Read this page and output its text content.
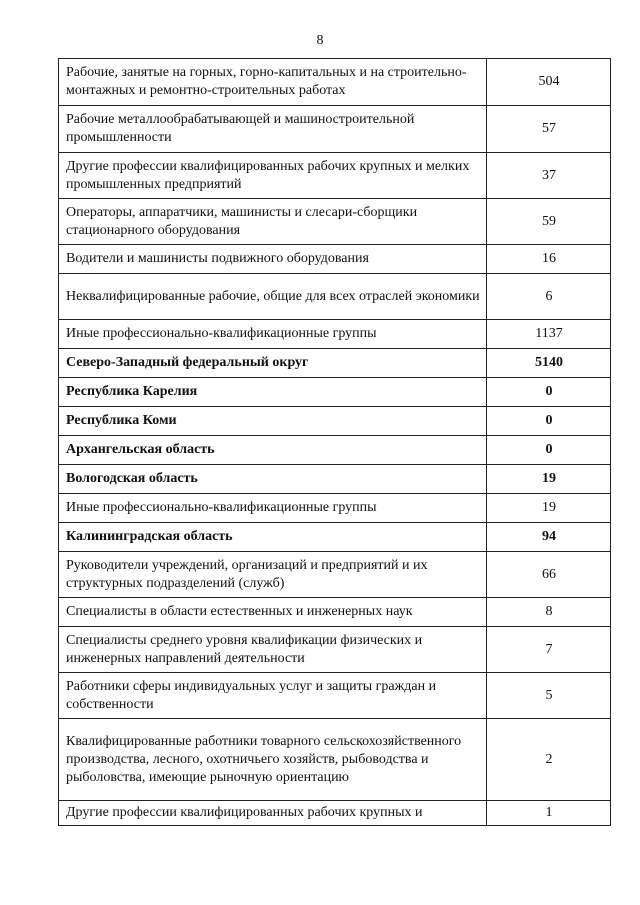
8
Рабочие, занятые на горных, горно-капитальных и на строительно-монтажных и ремонтно-строительных работах	504
Рабочие металлообрабатывающей и машиностроительной промышленности	57
Другие профессии квалифицированных рабочих крупных и мелких промышленных предприятий	37
Операторы, аппаратчики, машинисты и слесари-сборщики стационарного оборудования	59
Водители и машинисты подвижного оборудования	16
Неквалифицированные рабочие, общие для всех отраслей экономики	6
Иные профессионально-квалификационные группы	1137
Северо-Западный федеральный округ	5140
Республика Карелия	0
Республика Коми	0
Архангельская область	0
Вологодская область	19
Иные профессионально-квалификационные группы	19
Калининградская область	94
Руководители учреждений, организаций и предприятий и их структурных подразделений (служб)	66
Специалисты в области естественных и инженерных наук	8
Специалисты среднего уровня квалификации физических и инженерных направлений деятельности	7
Работники сферы индивидуальных услуг и защиты граждан и собственности	5
Квалифицированные работники товарного сельскохозяйственного производства, лесного, охотничьего хозяйств, рыбоводства и рыболовства, имеющие рыночную ориентацию	2
Другие профессии квалифицированных рабочих крупных и	1
